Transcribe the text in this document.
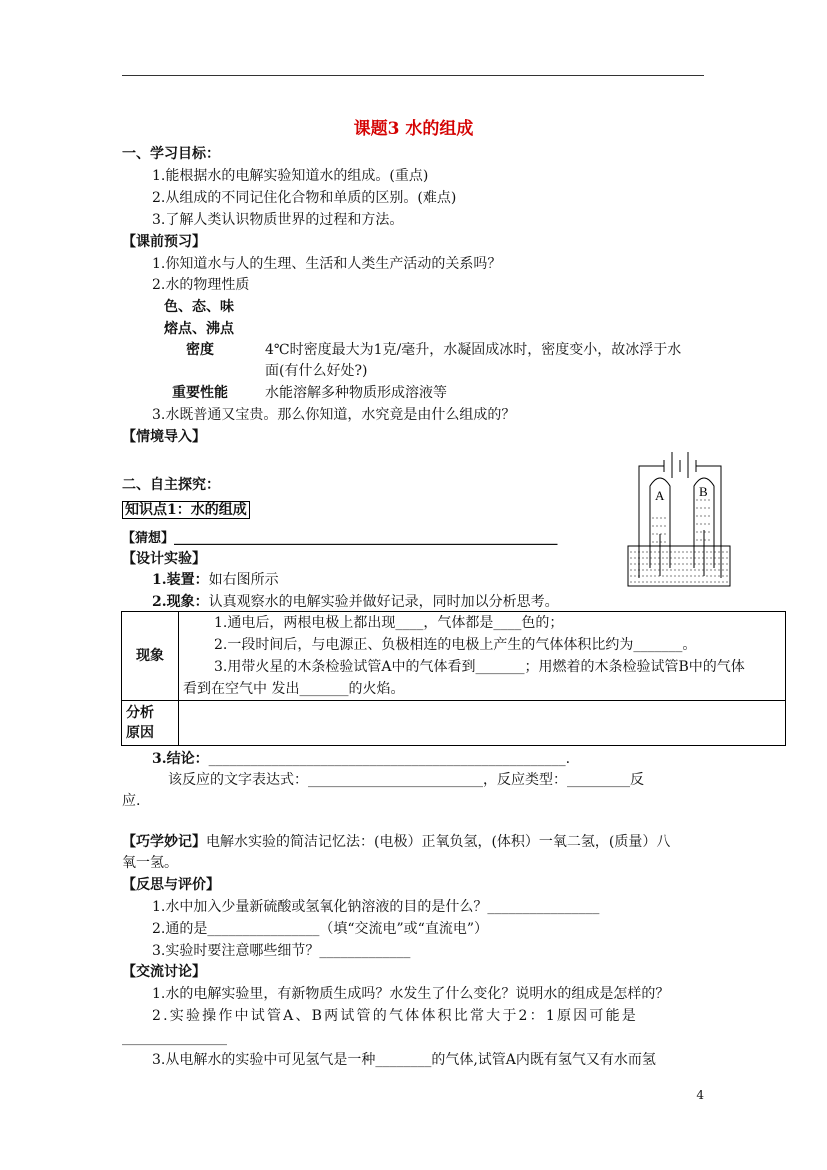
课题3 水的组成
一、学习目标：
1.能根据水的电解实验知道水的组成。(重点)
2.从组成的不同记住化合物和单质的区别。(难点)
3.了解人类认识物质世界的过程和方法。
【课前预习】
1.你知道水与人的生理、生活和人类生产活动的关系吗？
2.水的物理性质
色、态、味
熔点、沸点
密度	4℃时密度最大为1克/毫升，水凝固成冰时，密度变小，故冰浮于水
面(有什么好处?)
重要性能	水能溶解多种物质形成溶液等
3.水既普通又宝贵。那么你知道，水究竟是由什么组成的？
【情境导入】
二、自主探究：
知识点1：水的组成
【猜想】___________________________________________________________
【设计实验】
1.装置：如右图所示
2.现象：认真观察水的电解实验并做好记录，同时加以分析思考。
现象	1.通电后，两根电极上都出现____，气体都是____色的；
2.一段时间后，与电源正、负极相连的电极上产生的气体体积比约为_______。
3.用带火星的木条检验试管A中的气体看到_______；用燃着的木条检验试管B中的气体
看到在空气中 发出_______的火焰。

分析
原因	

3.结论：___________________________________________________.
该反应的文字表达式：_________________________，反应类型：_________反
应.
【巧学妙记】电解水实验的简洁记忆法：(电极）正氧负氢，(体积）一氧二氢，(质量）八
氧一氢。
【反思与评价】
1.水中加入少量新硫酸或氢氧化钠溶液的目的是什么？________________
2.通的是________________（填“交流电”或“直流电”）
3.实验时要注意哪些细节？_____________
【交流讨论】
1.水的电解实验里，有新物质生成吗？水发生了什么变化？说明水的组成是怎样的？
2.实验操作中试管A、B两试管的气体体积比常大于2：1原因可能是
_______________
3.从电解水的实验中可见氢气是一种________的气体,试管A内既有氢气又有水而氢
A	B
4
